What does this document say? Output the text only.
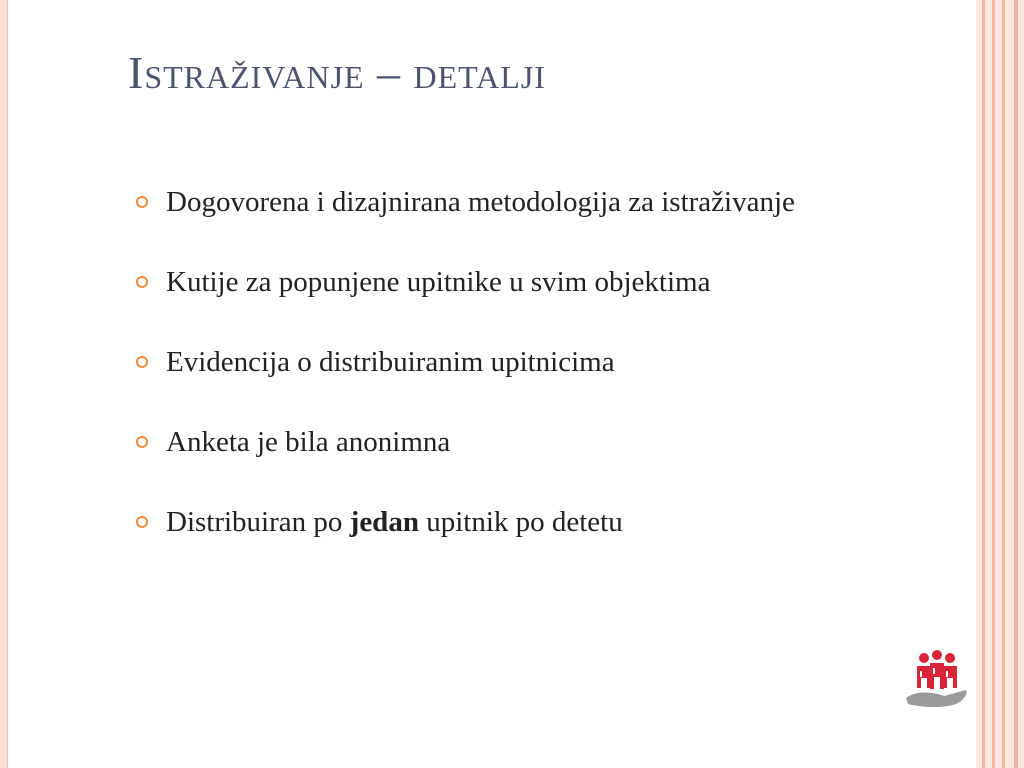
Istraživanje – detalji
Dogovorena i dizajnirana metodologija za istraživanje
Kutije za popunjene upitnike u svim objektima
Evidencija o distribuiranim upitnicima
Anketa je bila anonimna
Distribuiran po jedan upitnik po detetu
